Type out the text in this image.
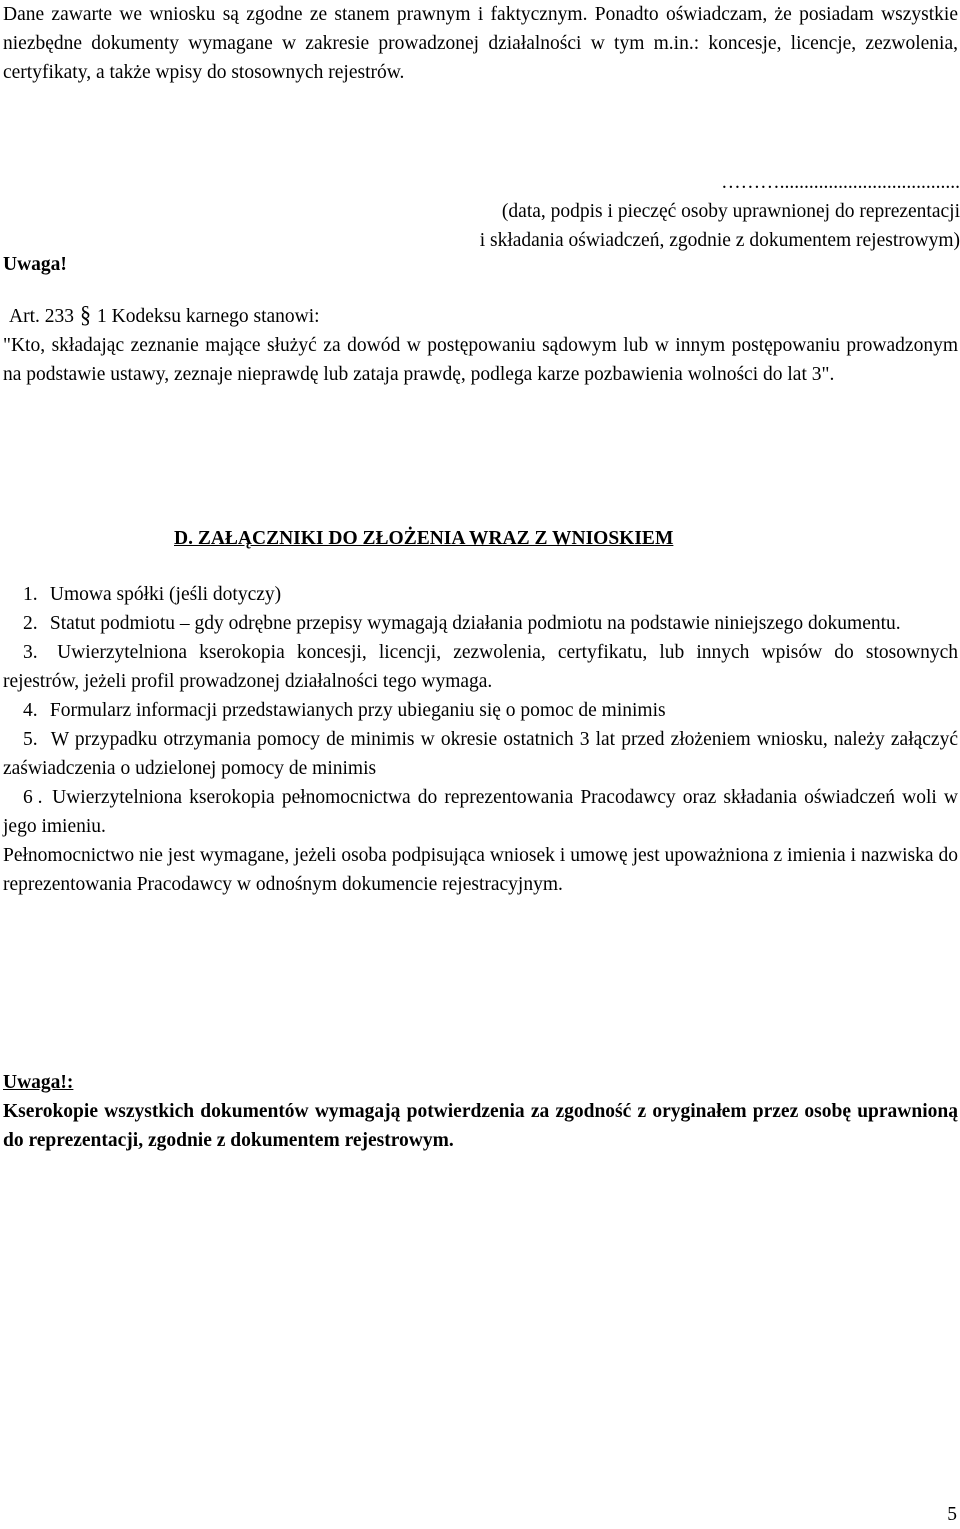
Dane zawarte we wniosku są zgodne ze stanem prawnym i faktycznym. Ponadto oświadczam, że posiadam wszystkie niezbędne dokumenty wymagane w zakresie prowadzonej działalności w tym m.in.: koncesje, licencje, zezwolenia, certyfikaty, a także wpisy do stosownych rejestrów.

……….....................................
(data, podpis i pieczęć osoby uprawnionej do reprezentacji
i składania oświadczeń, zgodnie z dokumentem rejestrowym)
Uwaga!

Art. 233 § 1 Kodeksu karnego stanowi:

"Kto, składając zeznanie mające służyć za dowód w postępowaniu sądowym lub w innym postępowaniu prowadzonym na podstawie ustawy, zeznaje nieprawdę lub zataja prawdę, podlega karze pozbawienia wolności do lat 3".

D. ZAŁĄCZNIKI DO ZŁOŻENIA WRAZ Z WNIOSKIEM

1. Umowa spółki (jeśli dotyczy)

2. Statut podmiotu – gdy odrębne przepisy wymagają działania podmiotu na podstawie niniejszego dokumentu.

3. Uwierzytelniona kserokopia koncesji, licencji, zezwolenia, certyfikatu, lub innych wpisów do stosownych rejestrów, jeżeli profil prowadzonej działalności tego wymaga.

4. Formularz informacji przedstawianych przy ubieganiu się o pomoc de minimis

5. W przypadku otrzymania pomocy de minimis w okresie ostatnich 3 lat przed złożeniem wniosku, należy załączyć zaświadczenia o udzielonej pomocy de minimis

6 . Uwierzytelniona kserokopia pełnomocnictwa do reprezentowania Pracodawcy oraz składania oświadczeń woli w jego imieniu.

Pełnomocnictwo nie jest wymagane, jeżeli osoba podpisująca wniosek i umowę jest upoważniona z imienia i nazwiska do reprezentowania Pracodawcy w odnośnym dokumencie rejestracyjnym.

Uwaga!:

Kserokopie wszystkich dokumentów wymagają potwierdzenia za zgodność z oryginałem przez osobę uprawnioną do reprezentacji, zgodnie z dokumentem rejestrowym.

5
